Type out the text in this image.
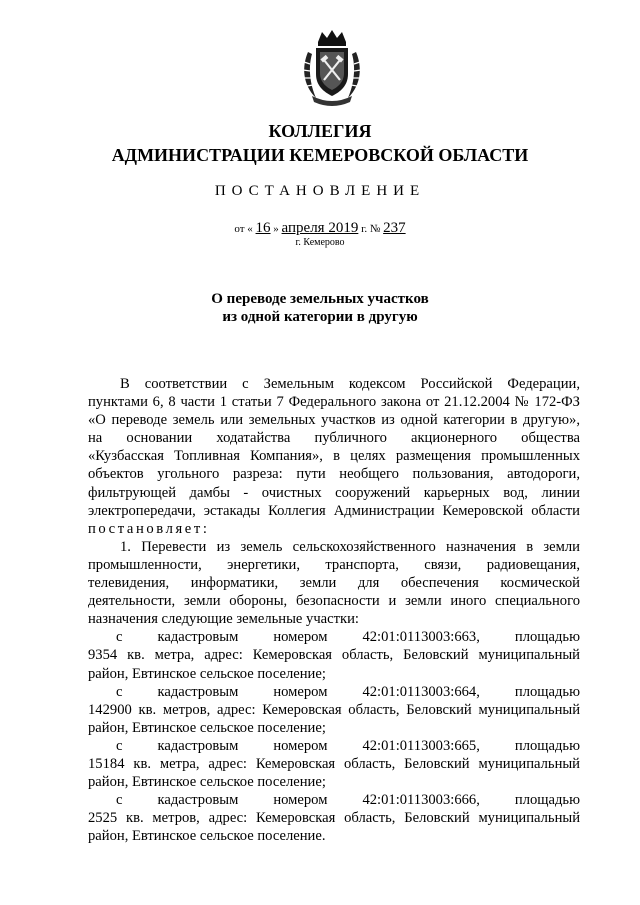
КОЛЛЕГИЯ
АДМИНИСТРАЦИИ КЕМЕРОВСКОЙ ОБЛАСТИ
ПОСТАНОВЛЕНИЕ
от « 16 » апреля 2019 г. № 237
г. Кемерово
О переводе земельных участков
из одной категории в другую
В соответствии с Земельным кодексом Российской Федерации,
пунктами 6, 8 части 1 статьи 7 Федерального закона от 21.12.2004 № 172-ФЗ
«О переводе земель или земельных участков из одной категории в другую»,
на основании ходатайства публичного акционерного общества
«Кузбасская Топливная Компания», в целях размещения промышленных
объектов угольного разреза: пути необщего пользования, автодороги,
фильтрующей дамбы - очистных сооружений карьерных вод, линии
электропередачи, эстакады Коллегия Администрации Кемеровской области
постановляет:
1. Перевести из земель сельскохозяйственного назначения в земли
промышленности, энергетики, транспорта, связи, радиовещания,
телевидения, информатики, земли для обеспечения космической
деятельности, земли обороны, безопасности и земли иного специального
назначения следующие земельные участки:
с кадастровым номером 42:01:0113003:663, площадью
9354 кв. метра, адрес: Кемеровская область, Беловский муниципальный
район, Евтинское сельское поселение;
с кадастровым номером 42:01:0113003:664, площадью
142900 кв. метров, адрес: Кемеровская область, Беловский муниципальный
район, Евтинское сельское поселение;
с кадастровым номером 42:01:0113003:665, площадью
15184 кв. метра, адрес: Кемеровская область, Беловский муниципальный
район, Евтинское сельское поселение;
с кадастровым номером 42:01:0113003:666, площадью
2525 кв. метров, адрес: Кемеровская область, Беловский муниципальный
район, Евтинское сельское поселение.
